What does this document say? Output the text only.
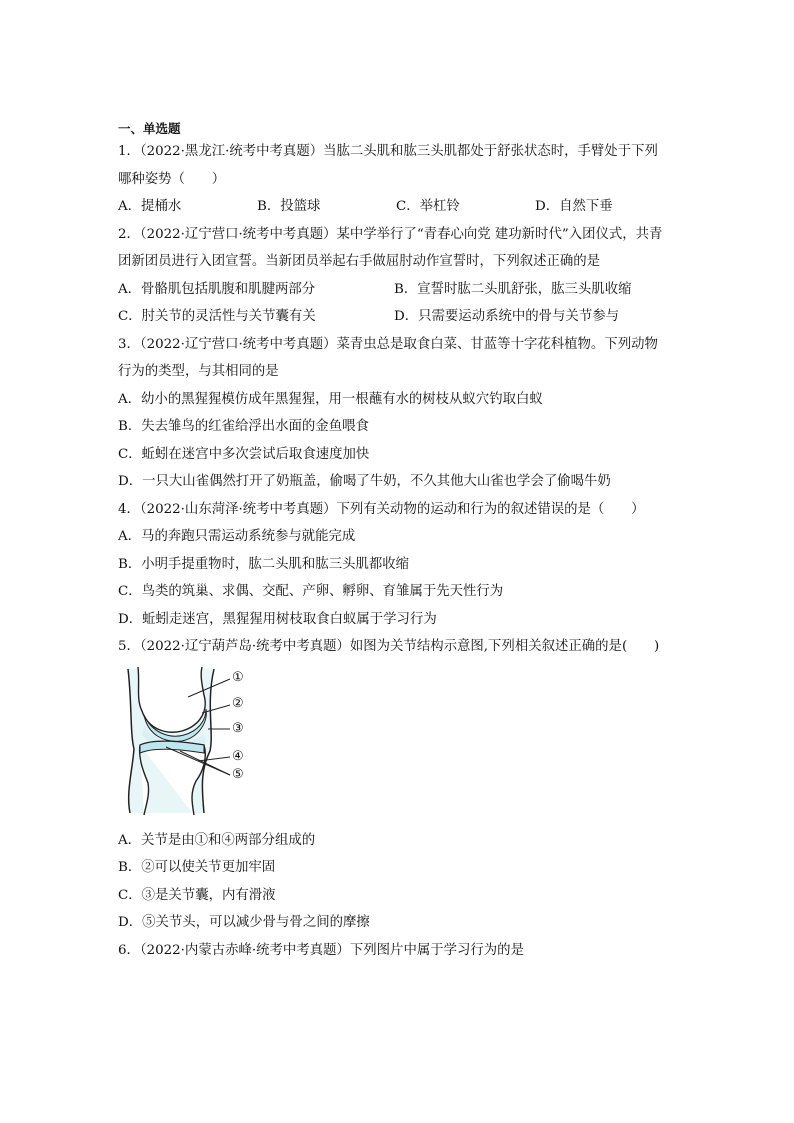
一、单选题
1．（2022·黑龙江·统考中考真题）当肱二头肌和肱三头肌都处于舒张状态时，手臂处于下列
哪种姿势（　　）
A．提桶水	B．投篮球	C．举杠铃	D．自然下垂
2．（2022·辽宁营口·统考中考真题）某中学举行了“青春心向党 建功新时代”入团仪式，共青
团新团员进行入团宣誓。当新团员举起右手做屈肘动作宣誓时，下列叙述正确的是
A．骨骼肌包括肌腹和肌腱两部分	B．宣誓时肱二头肌舒张，肱三头肌收缩
C．肘关节的灵活性与关节囊有关	D．只需要运动系统中的骨与关节参与
3．（2022·辽宁营口·统考中考真题）菜青虫总是取食白菜、甘蓝等十字花科植物。下列动物
行为的类型，与其相同的是
A．幼小的黑猩猩模仿成年黑猩猩，用一根蘸有水的树枝从蚁穴钓取白蚁
B．失去雏鸟的红雀给浮出水面的金鱼喂食
C．蚯蚓在迷宫中多次尝试后取食速度加快
D．一只大山雀偶然打开了奶瓶盖，偷喝了牛奶，不久其他大山雀也学会了偷喝牛奶
4．（2022·山东菏泽·统考中考真题）下列有关动物的运动和行为的叙述错误的是（　　）
A．马的奔跑只需运动系统参与就能完成
B．小明手提重物时，肱二头肌和肱三头肌都收缩
C．鸟类的筑巢、求偶、交配、产卵、孵卵、育雏属于先天性行为
D．蚯蚓走迷宫，黑猩猩用树枝取食白蚁属于学习行为
5．（2022·辽宁葫芦岛·统考中考真题）如图为关节结构示意图,下列相关叙述正确的是(　　)
①
②
③
④
⑤
A．关节是由①和④两部分组成的
B．②可以使关节更加牢固
C．③是关节囊，内有滑液
D．⑤关节头，可以减少骨与骨之间的摩擦
6．（2022·内蒙古赤峰·统考中考真题）下列图片中属于学习行为的是
